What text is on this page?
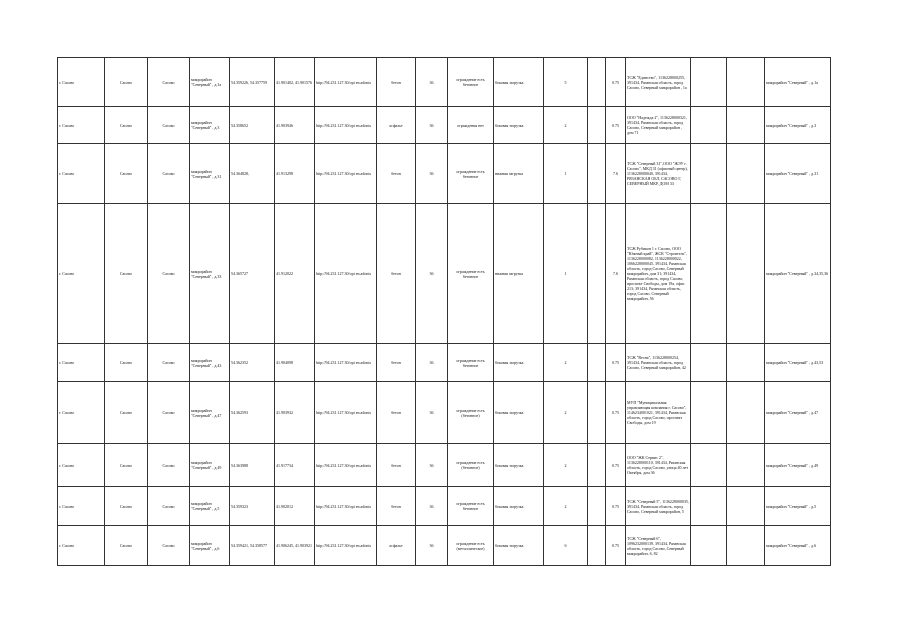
г. Сасово	Сасово	Сасово	микрорайон "Северный" , д.1а	54.359226, 54.357759	41.901402, 41.901576	http://94.231.127.30/opi en.adonis	бетон	36	ограждение есть бетонное	боковая загрузка	5		0.75	ТСЖ "Единство", 1136228000255, 391434, Рязанская область, город Сасово, Северный микрорайон , 1а			микрорайон "Северный" , д.1а
г. Сасово	Сасово	Сасово	микрорайон "Северный" , д.3	54.358652	41.903946	http://94.231.127.30/opi en.adonis	асфальт	36	ограждения нет	боковая загрузка	2		0.75	ООО "Надежда 2", 1136228000321, 391434, Рязанская область, город Сасово, Северный микрорайон , дом 71			микрорайон "Северный" , д.3
г. Сасово	Сасово	Сасово	микрорайон "Северный" , д.31	54.364828,	41.913298	http://94.231.127.30/opi en.adonis	бетон	36	ограждение есть бетонное	нижняя загрузка	1		7.6	ТСЖ "Северный 31",ООО "ЖЭУ г. Сасово", МКД 31 (офисный центр), 1136228000040, 391434, РЯЗАНСКАЯ ОБЛ, САСОВО Г, СЕВЕРНЫЙ МКР, ДОМ 33			микрорайон "Северный" , д.31
г. Сасово	Сасово	Сасово	микрорайон "Северный" , д.33	54.365727	41.912022	http://94.231.127.30/opi en.adonis	бетон	36	ограждение есть бетонное	нижняя загрузка	1		7.6	ТСЖ Рубикон 1 г. Сасово, ООО "Южный край", ЖСК "Строитель", 1136228000082, 1136228000022, 1066228000045, 391434, Рязанская область, город Сасово, Северный микрорайон, дом 31; 391434, Рязанская область, город Сасово, проспект Свободы, дом 19а, офис 213; 391434, Рязанская область, город Сасово, Северный микрорайон, 56			микрорайон "Северный" , д.34,35,36
г. Сасово	Сасово	Сасово	микрорайон "Северный" , д.43	54.362352	41.904098	http://94.231.127.30/opi en.adonis	бетон	36	ограждение есть бетонное	боковая загрузка	2		0.75	ТСЖ "Весна", 1136228000254, 391434, Рязанская область, город Сасово, Северный микрорайон, 42			микрорайон "Северный" , д.43,53
г. Сасово	Сасово	Сасово	микрорайон "Северный" , д.47	54.362593	41.903932	http://94.231.127.30/opi en.adonis	бетон	36	ограждение есть (бетонное)	боковая загрузка	2		0.75	МУП "Муниципальная управляющая компания г. Сасово", 1146234001021, 391434, Рязанская область, город Сасово, проспект Свободы, дом 19			микрорайон "Северный" , д.47
г. Сасово	Сасово	Сасово	микрорайон "Северный" , д.49	54.363988	41.917734	http://94.231.127.30/opi en.adonis	бетон	36	ограждение есть (бетонное)	боковая загрузка	2		0.75	ООО "ЖК Сервис 2", 1136228000110, 391434, Рязанская область, город Сасово, улица 40 лет Октября, дом 36			микрорайон "Северный" , д.49
г. Сасово	Сасово	Сасово	микрорайон "Северный" , д.5	54.359323	41.902012	http://94.231.127.30/opi en.adonis	бетон	36	ограждение есть бетонное	боковая загрузка	2		0.75	ТСЖ "Северный 5", 1136228000035, 391434, Рязанская область, город Сасово, Северный микрорайон, 5			микрорайон "Северный" , д.5
г. Сасово	Сасово	Сасово	микрорайон "Северный" , д.6	54.359421, 54.358577	41.906245, 41.903921	http://94.231.127.30/opi en.adonis	асфальт	36	ограждение есть (металлическое)	боковая загрузка	6		0.75	ТСЖ "Северный 6", 1096232000139, 391434, Рязанская область, город Сасово, Северный микрорайон, 6, 82			микрорайон "Северный" , д.6
